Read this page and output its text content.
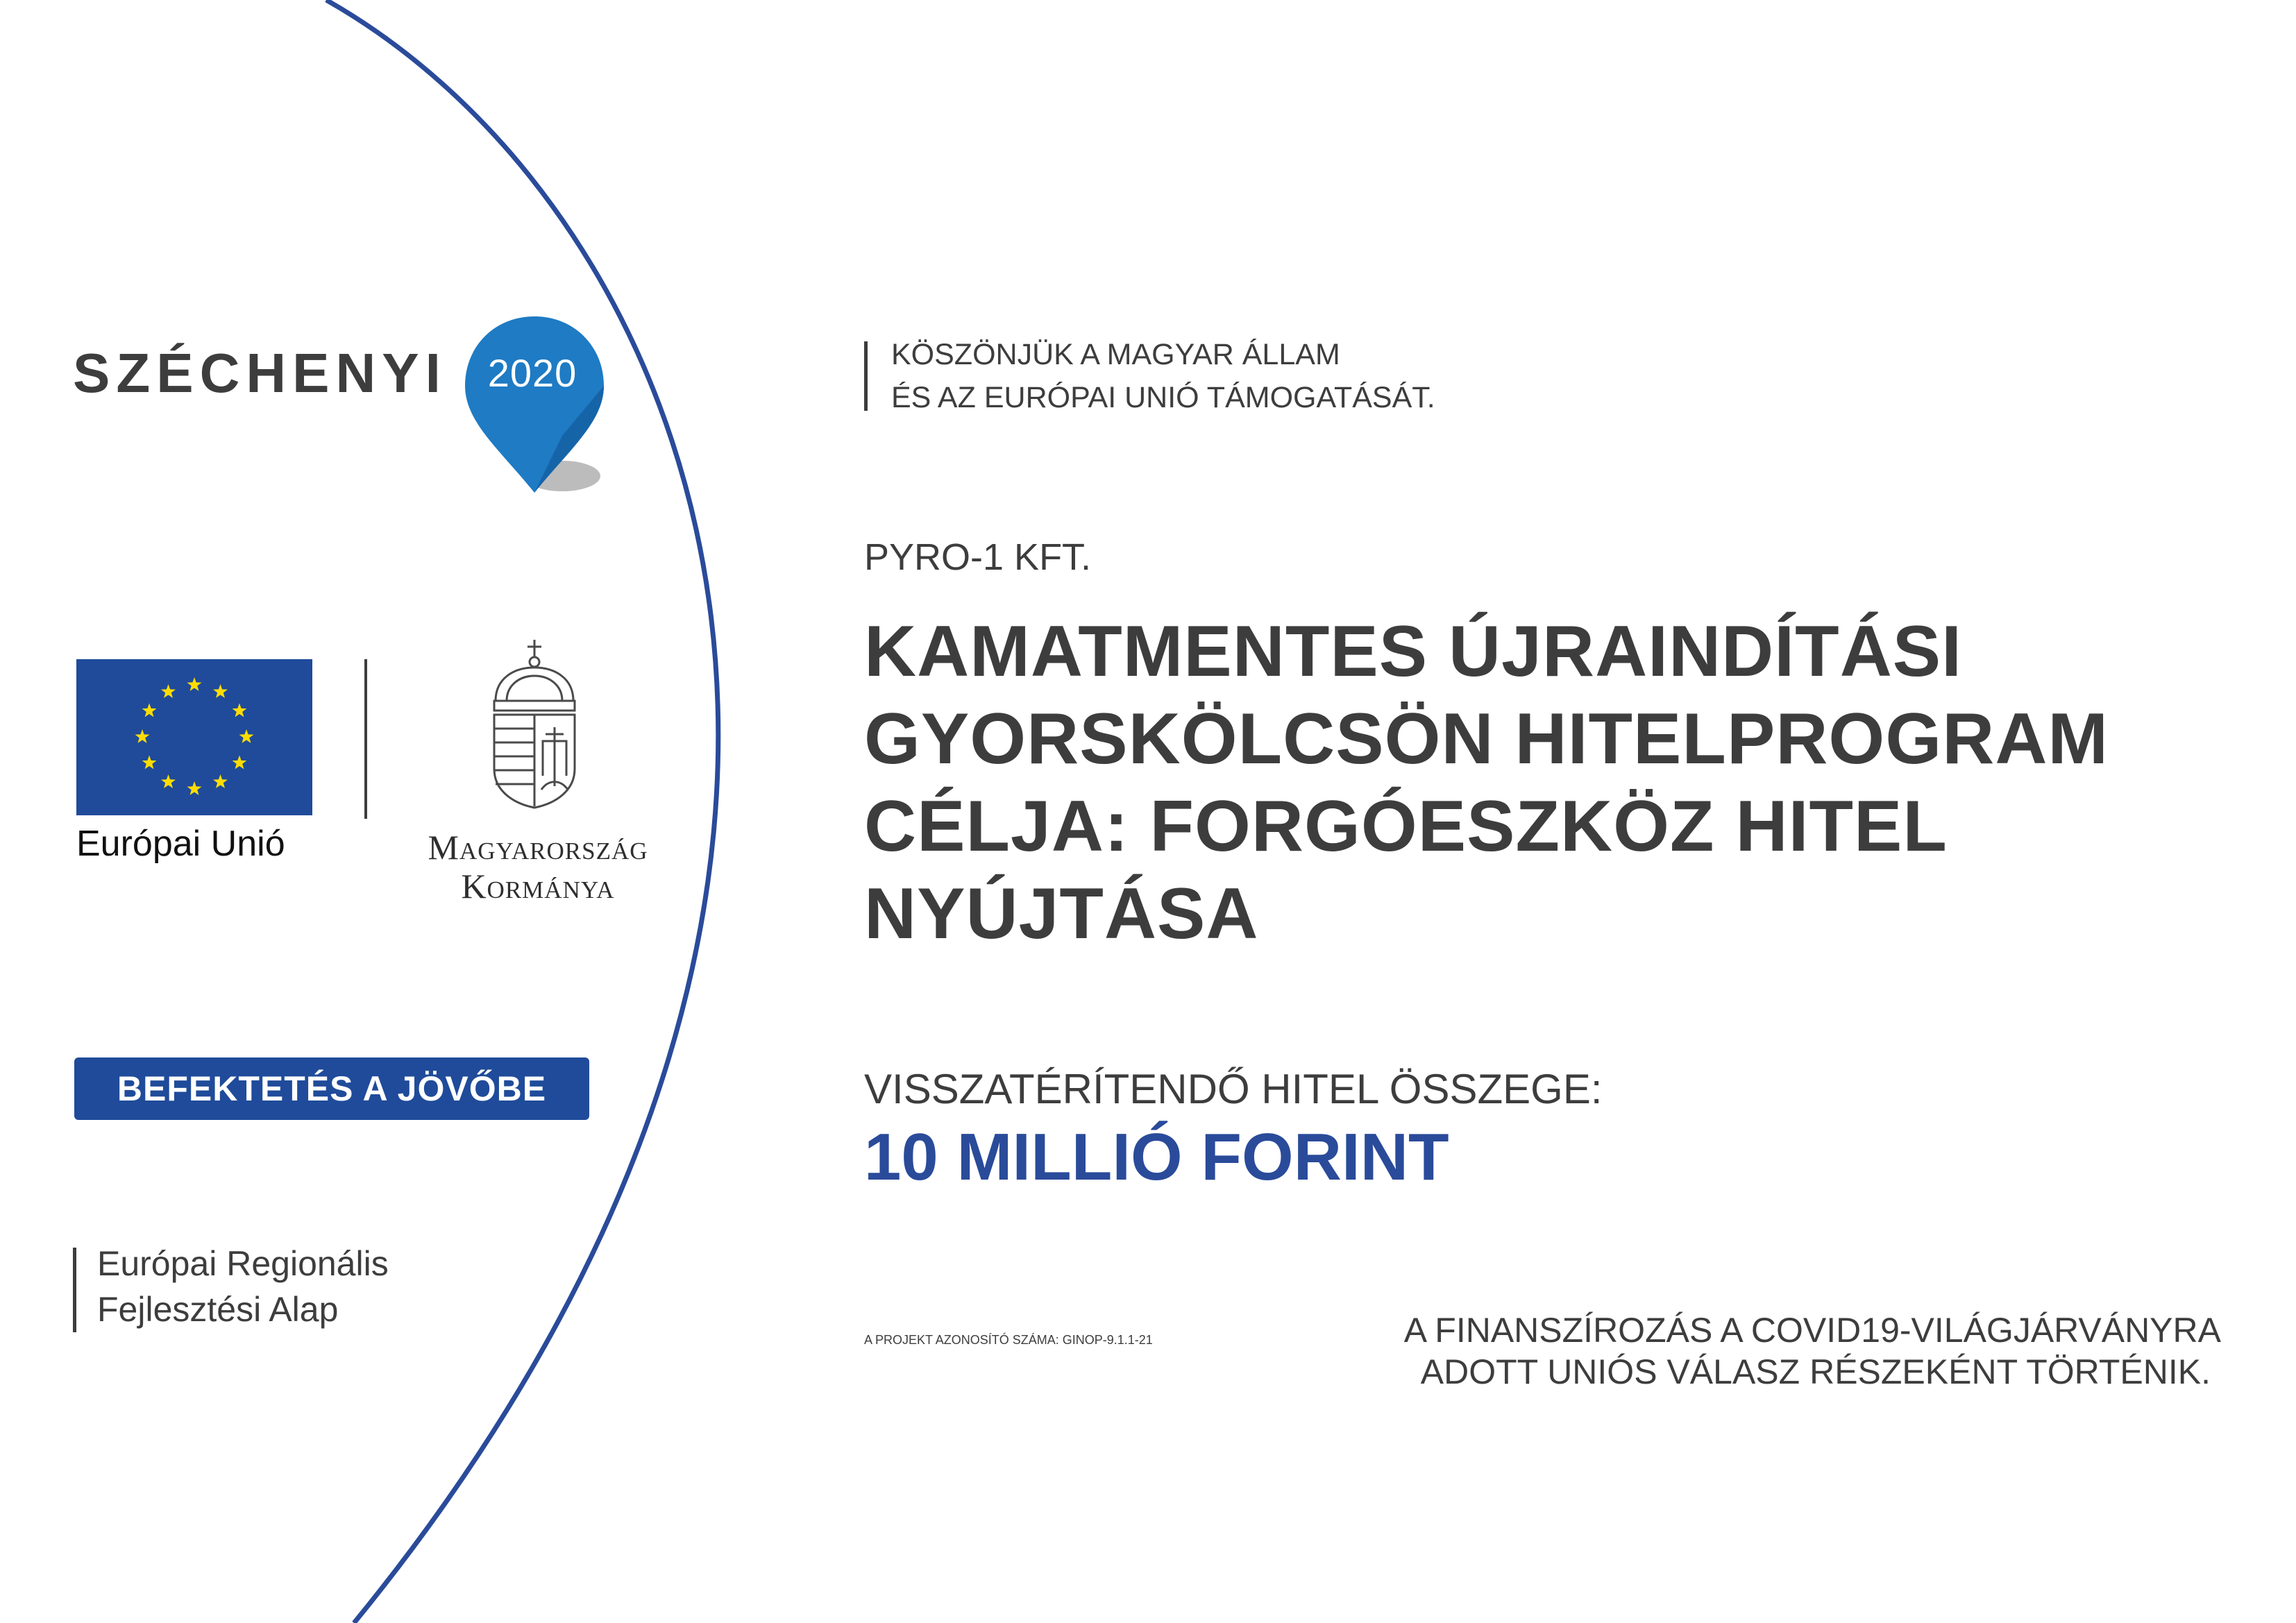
SZÉCHENYI	2020
Európai Unió	Magyarország
Kormánya
BEFEKTETÉS A JÖVŐBE
Európai Regionális
Fejlesztési Alap
KÖSZÖNJÜK A MAGYAR ÁLLAM
ÉS AZ EURÓPAI UNIÓ TÁMOGATÁSÁT.
PYRO-1 KFT.
KAMATMENTES ÚJRAINDÍTÁSI
GYORSKÖLCSÖN HITELPROGRAM
CÉLJA: FORGÓESZKÖZ HITEL
NYÚJTÁSA
VISSZATÉRÍTENDŐ HITEL ÖSSZEGE:
10 MILLIÓ FORINT
A PROJEKT AZONOSÍTÓ SZÁMA: GINOP-9.1.1-21	A FINANSZÍROZÁS A COVID19-VILÁGJÁRVÁNYRA
ADOTT UNIÓS VÁLASZ RÉSZEKÉNT TÖRTÉNIK.
